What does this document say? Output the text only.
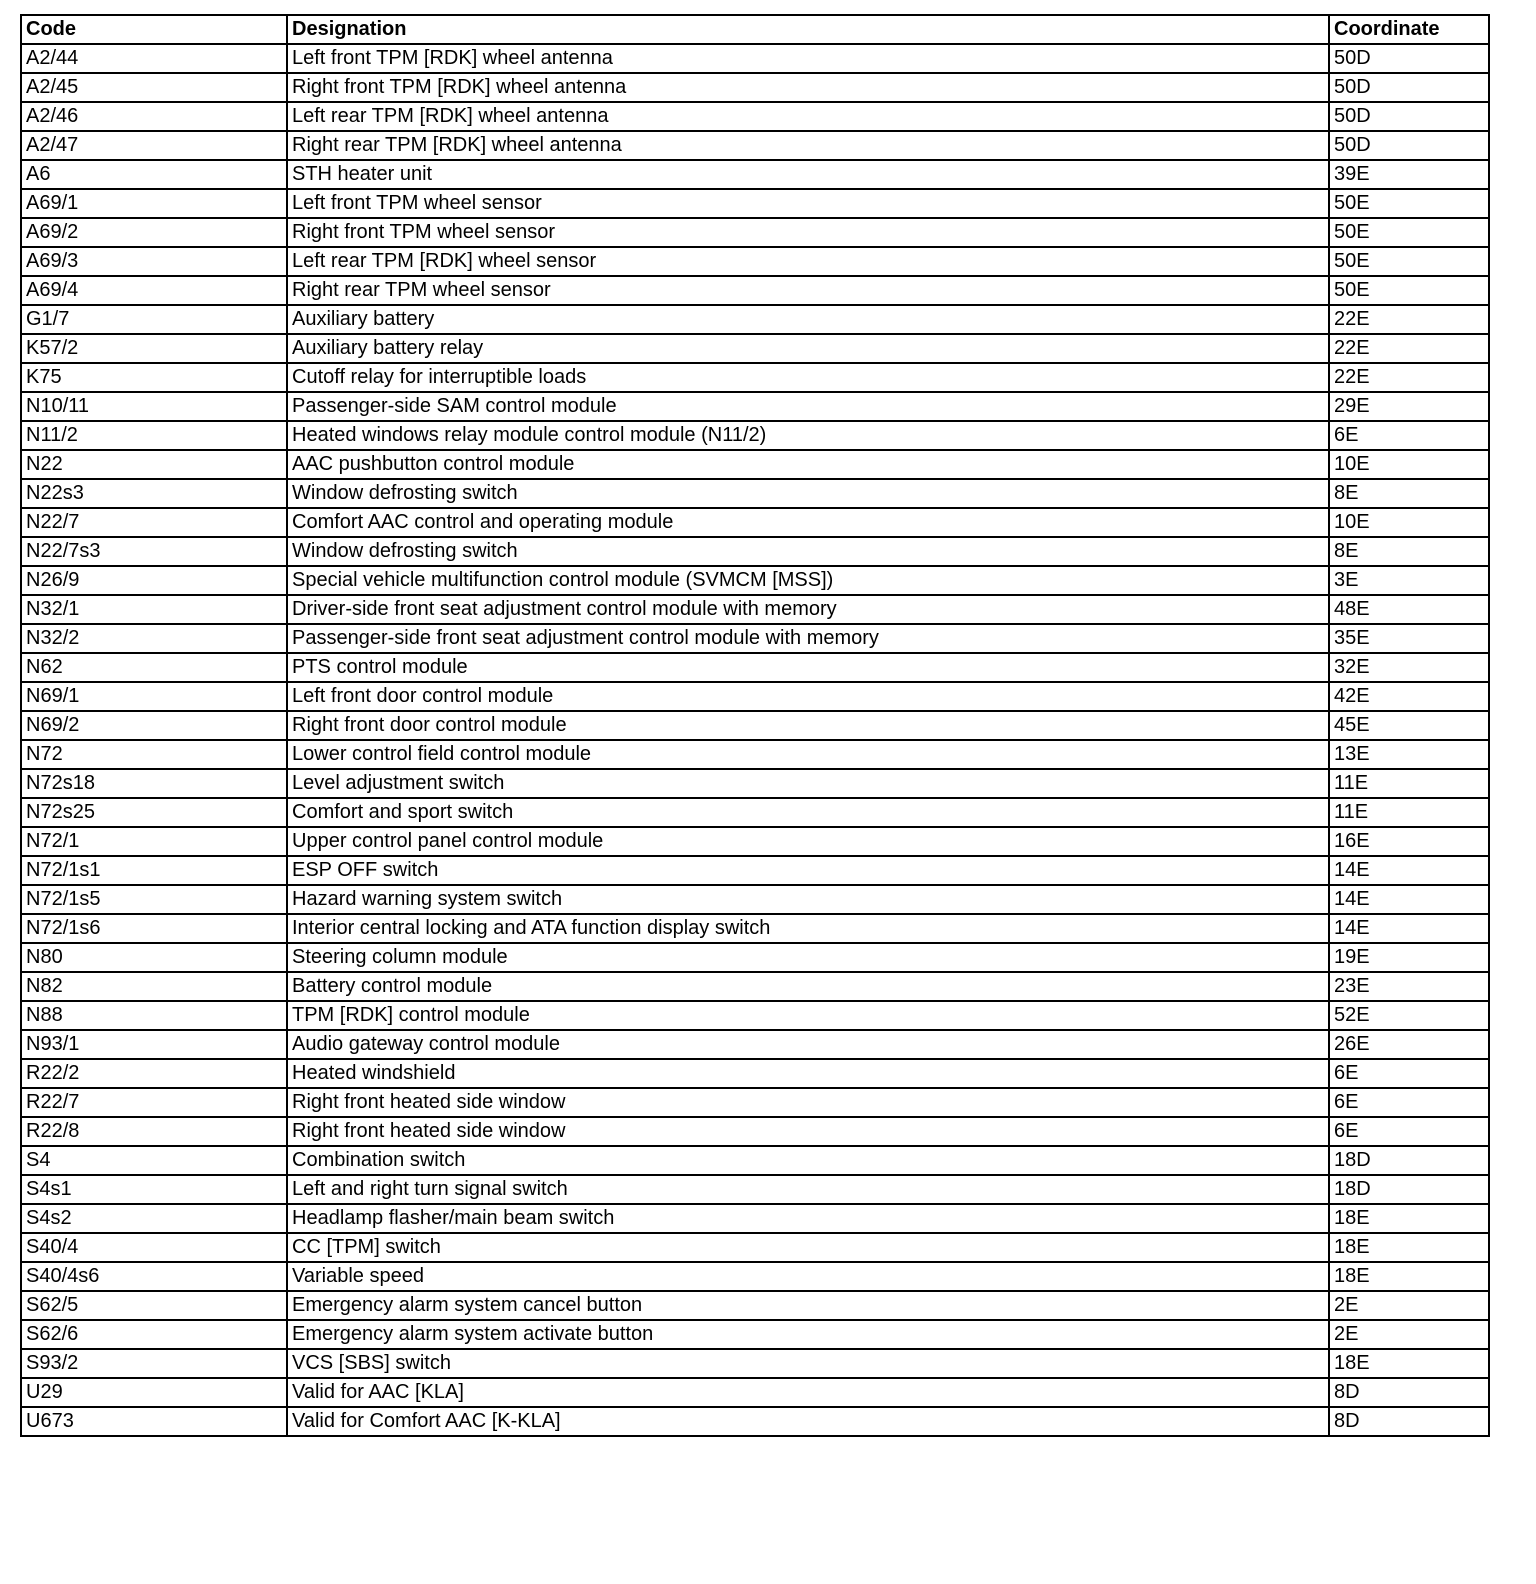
Code	Designation	Coordinate
A2/44	Left front TPM [RDK] wheel antenna	50D
A2/45	Right front TPM [RDK] wheel antenna	50D
A2/46	Left rear TPM [RDK] wheel antenna	50D
A2/47	Right rear TPM [RDK] wheel antenna	50D
A6	STH heater unit	39E
A69/1	Left front TPM wheel sensor	50E
A69/2	Right front TPM wheel sensor	50E
A69/3	Left rear TPM [RDK] wheel sensor	50E
A69/4	Right rear TPM wheel sensor	50E
G1/7	Auxiliary battery	22E
K57/2	Auxiliary battery relay	22E
K75	Cutoff relay for interruptible loads	22E
N10/11	Passenger-side SAM control module	29E
N11/2	Heated windows relay module control module (N11/2)	6E
N22	AAC pushbutton control module	10E
N22s3	Window defrosting switch	8E
N22/7	Comfort AAC control and operating module	10E
N22/7s3	Window defrosting switch	8E
N26/9	Special vehicle multifunction control module (SVMCM [MSS])	3E
N32/1	Driver-side front seat adjustment control module with memory	48E
N32/2	Passenger-side front seat adjustment control module with memory	35E
N62	PTS control module	32E
N69/1	Left front door control module	42E
N69/2	Right front door control module	45E
N72	Lower control field control module	13E
N72s18	Level adjustment switch	11E
N72s25	Comfort and sport switch	11E
N72/1	Upper control panel control module	16E
N72/1s1	ESP OFF switch	14E
N72/1s5	Hazard warning system switch	14E
N72/1s6	Interior central locking and ATA function display switch	14E
N80	Steering column module	19E
N82	Battery control module	23E
N88	TPM [RDK] control module	52E
N93/1	Audio gateway control module	26E
R22/2	Heated windshield	6E
R22/7	Right front heated side window	6E
R22/8	Right front heated side window	6E
S4	Combination switch	18D
S4s1	Left and right turn signal switch	18D
S4s2	Headlamp flasher/main beam switch	18E
S40/4	CC [TPM] switch	18E
S40/4s6	Variable speed	18E
S62/5	Emergency alarm system cancel button	2E
S62/6	Emergency alarm system activate button	2E
S93/2	VCS [SBS] switch	18E
U29	Valid for AAC [KLA]	8D
U673	Valid for Comfort AAC [K-KLA]	8D
